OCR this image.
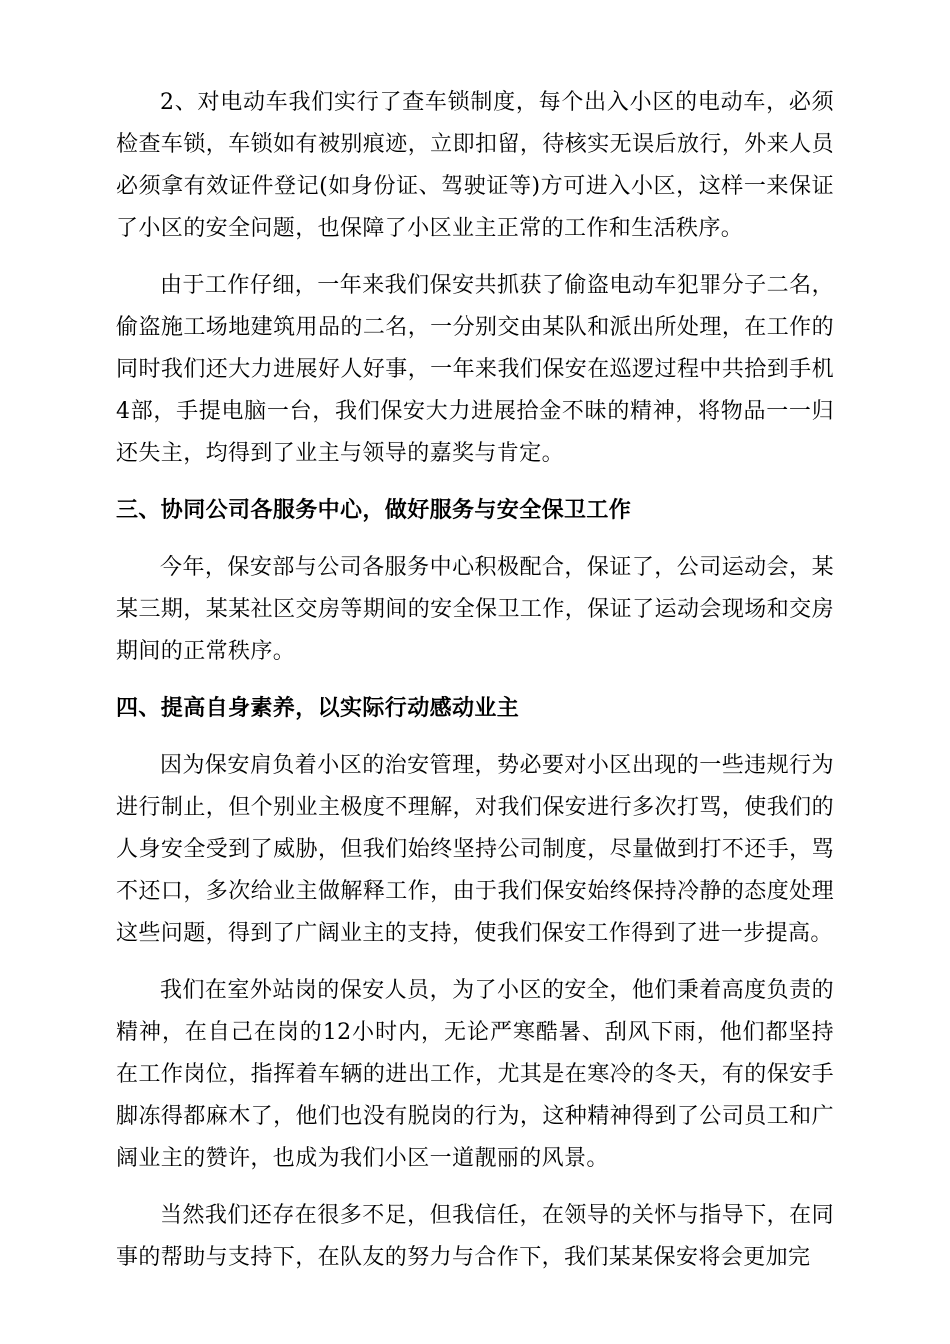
2、对电动车我们实行了查车锁制度，每个出入小区的电动车，必须检查车锁，车锁如有被别痕迹，立即扣留，待核实无误后放行，外来人员必须拿有效证件登记(如身份证、驾驶证等)方可进入小区，这样一来保证了小区的安全问题，也保障了小区业主正常的工作和生活秩序。

由于工作仔细，一年来我们保安共抓获了偷盗电动车犯罪分子二名，偷盗施工场地建筑用品的二名，一分别交由某队和派出所处理，在工作的同时我们还大力进展好人好事，一年来我们保安在巡逻过程中共拾到手机4部，手提电脑一台，我们保安大力进展拾金不昧的精神，将物品一一归还失主，均得到了业主与领导的嘉奖与肯定。

三、协同公司各服务中心，做好服务与安全保卫工作

今年，保安部与公司各服务中心积极配合，保证了，公司运动会，某某三期，某某社区交房等期间的安全保卫工作，保证了运动会现场和交房期间的正常秩序。

四、提高自身素养，以实际行动感动业主

因为保安肩负着小区的治安管理，势必要对小区出现的一些违规行为进行制止，但个别业主极度不理解，对我们保安进行多次打骂，使我们的人身安全受到了威胁，但我们始终坚持公司制度，尽量做到打不还手，骂不还口，多次给业主做解释工作，由于我们保安始终保持冷静的态度处理这些问题，得到了广阔业主的支持，使我们保安工作得到了进一步提高。

我们在室外站岗的保安人员，为了小区的安全，他们秉着高度负责的精神，在自己在岗的12小时内，无论严寒酷暑、刮风下雨，他们都坚持在工作岗位，指挥着车辆的进出工作，尤其是在寒冷的冬天，有的保安手脚冻得都麻木了，他们也没有脱岗的行为，这种精神得到了公司员工和广阔业主的赞许，也成为我们小区一道靓丽的风景。

当然我们还存在很多不足，但我信任，在领导的关怀与指导下，在同事的帮助与支持下，在队友的努力与合作下，我们某某保安将会更加完
